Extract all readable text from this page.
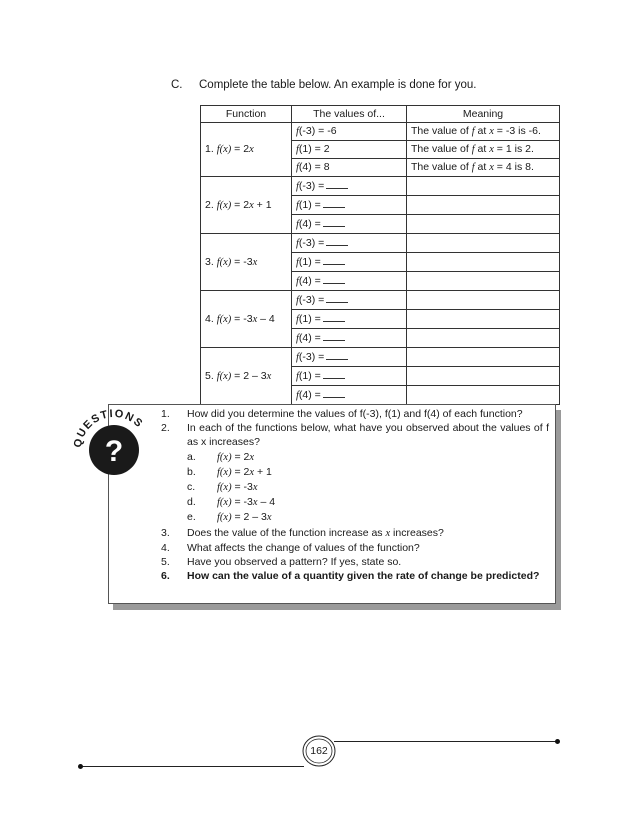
C. Complete the table below. An example is done for you.
Function	The values of...	Meaning
1. f(x) = 2x	f(-3) = -6	The value of f at x = -3 is -6.
	f(1) = 2	The value of f at x = 1 is 2.
	f(4) = 8	The value of f at x = 4 is 8.
2. f(x) = 2x + 1	f(-3) =	
	f(1) =	
	f(4) =	
3. f(x) = -3x	f(-3) =	
	f(1) =	
	f(4) =	
4. f(x) = -3x – 4	f(-3) =	
	f(1) =	
	f(4) =	
5. f(x) = 2 – 3x	f(-3) =	
	f(1) =	
	f(4) =	
?
QUESTIONS
1. How did you determine the values of f(-3), f(1) and f(4) of each function?
2. In each of the functions below, what have you observed about the values of f as x increases?
a. f(x) = 2x
b. f(x) = 2x + 1
c. f(x) = -3x
d. f(x) = -3x – 4
e. f(x) = 2 – 3x
3. Does the value of the function increase as x increases?
4. What affects the change of values of the function?
5. Have you observed a pattern? If yes, state so.
6. How can the value of a quantity given the rate of change be predicted?
162
